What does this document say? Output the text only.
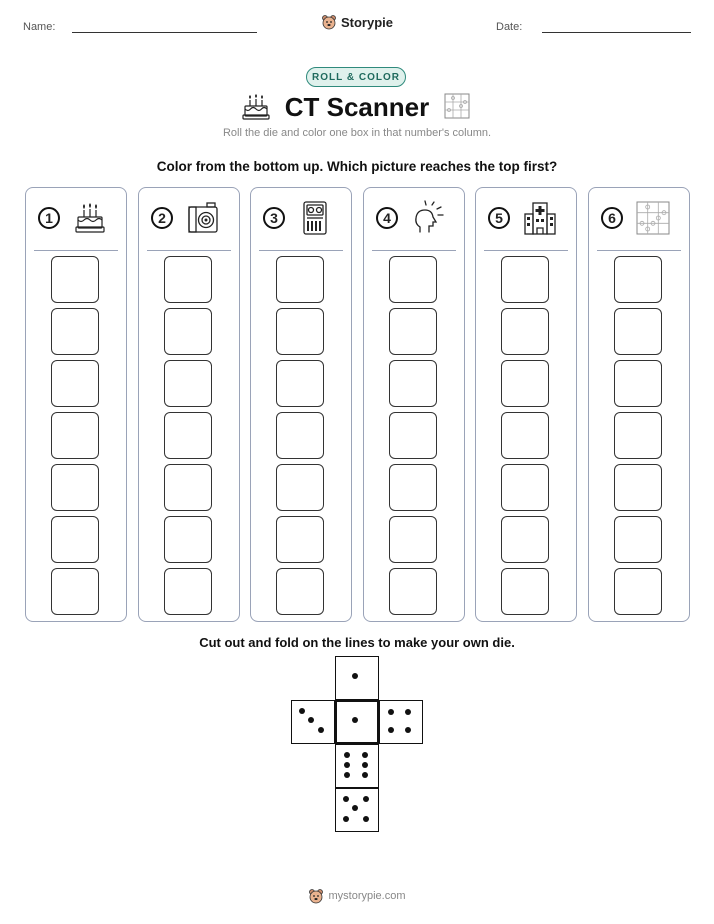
Name:	Storypie	Date:
ROLL & COLOR
CT Scanner
Roll the die and color one box in that number's column.
Color from the bottom up. Which picture reaches the top first?
1	2	3	4	5	6
Cut out and fold on the lines to make your own die.
mystorypie.com
